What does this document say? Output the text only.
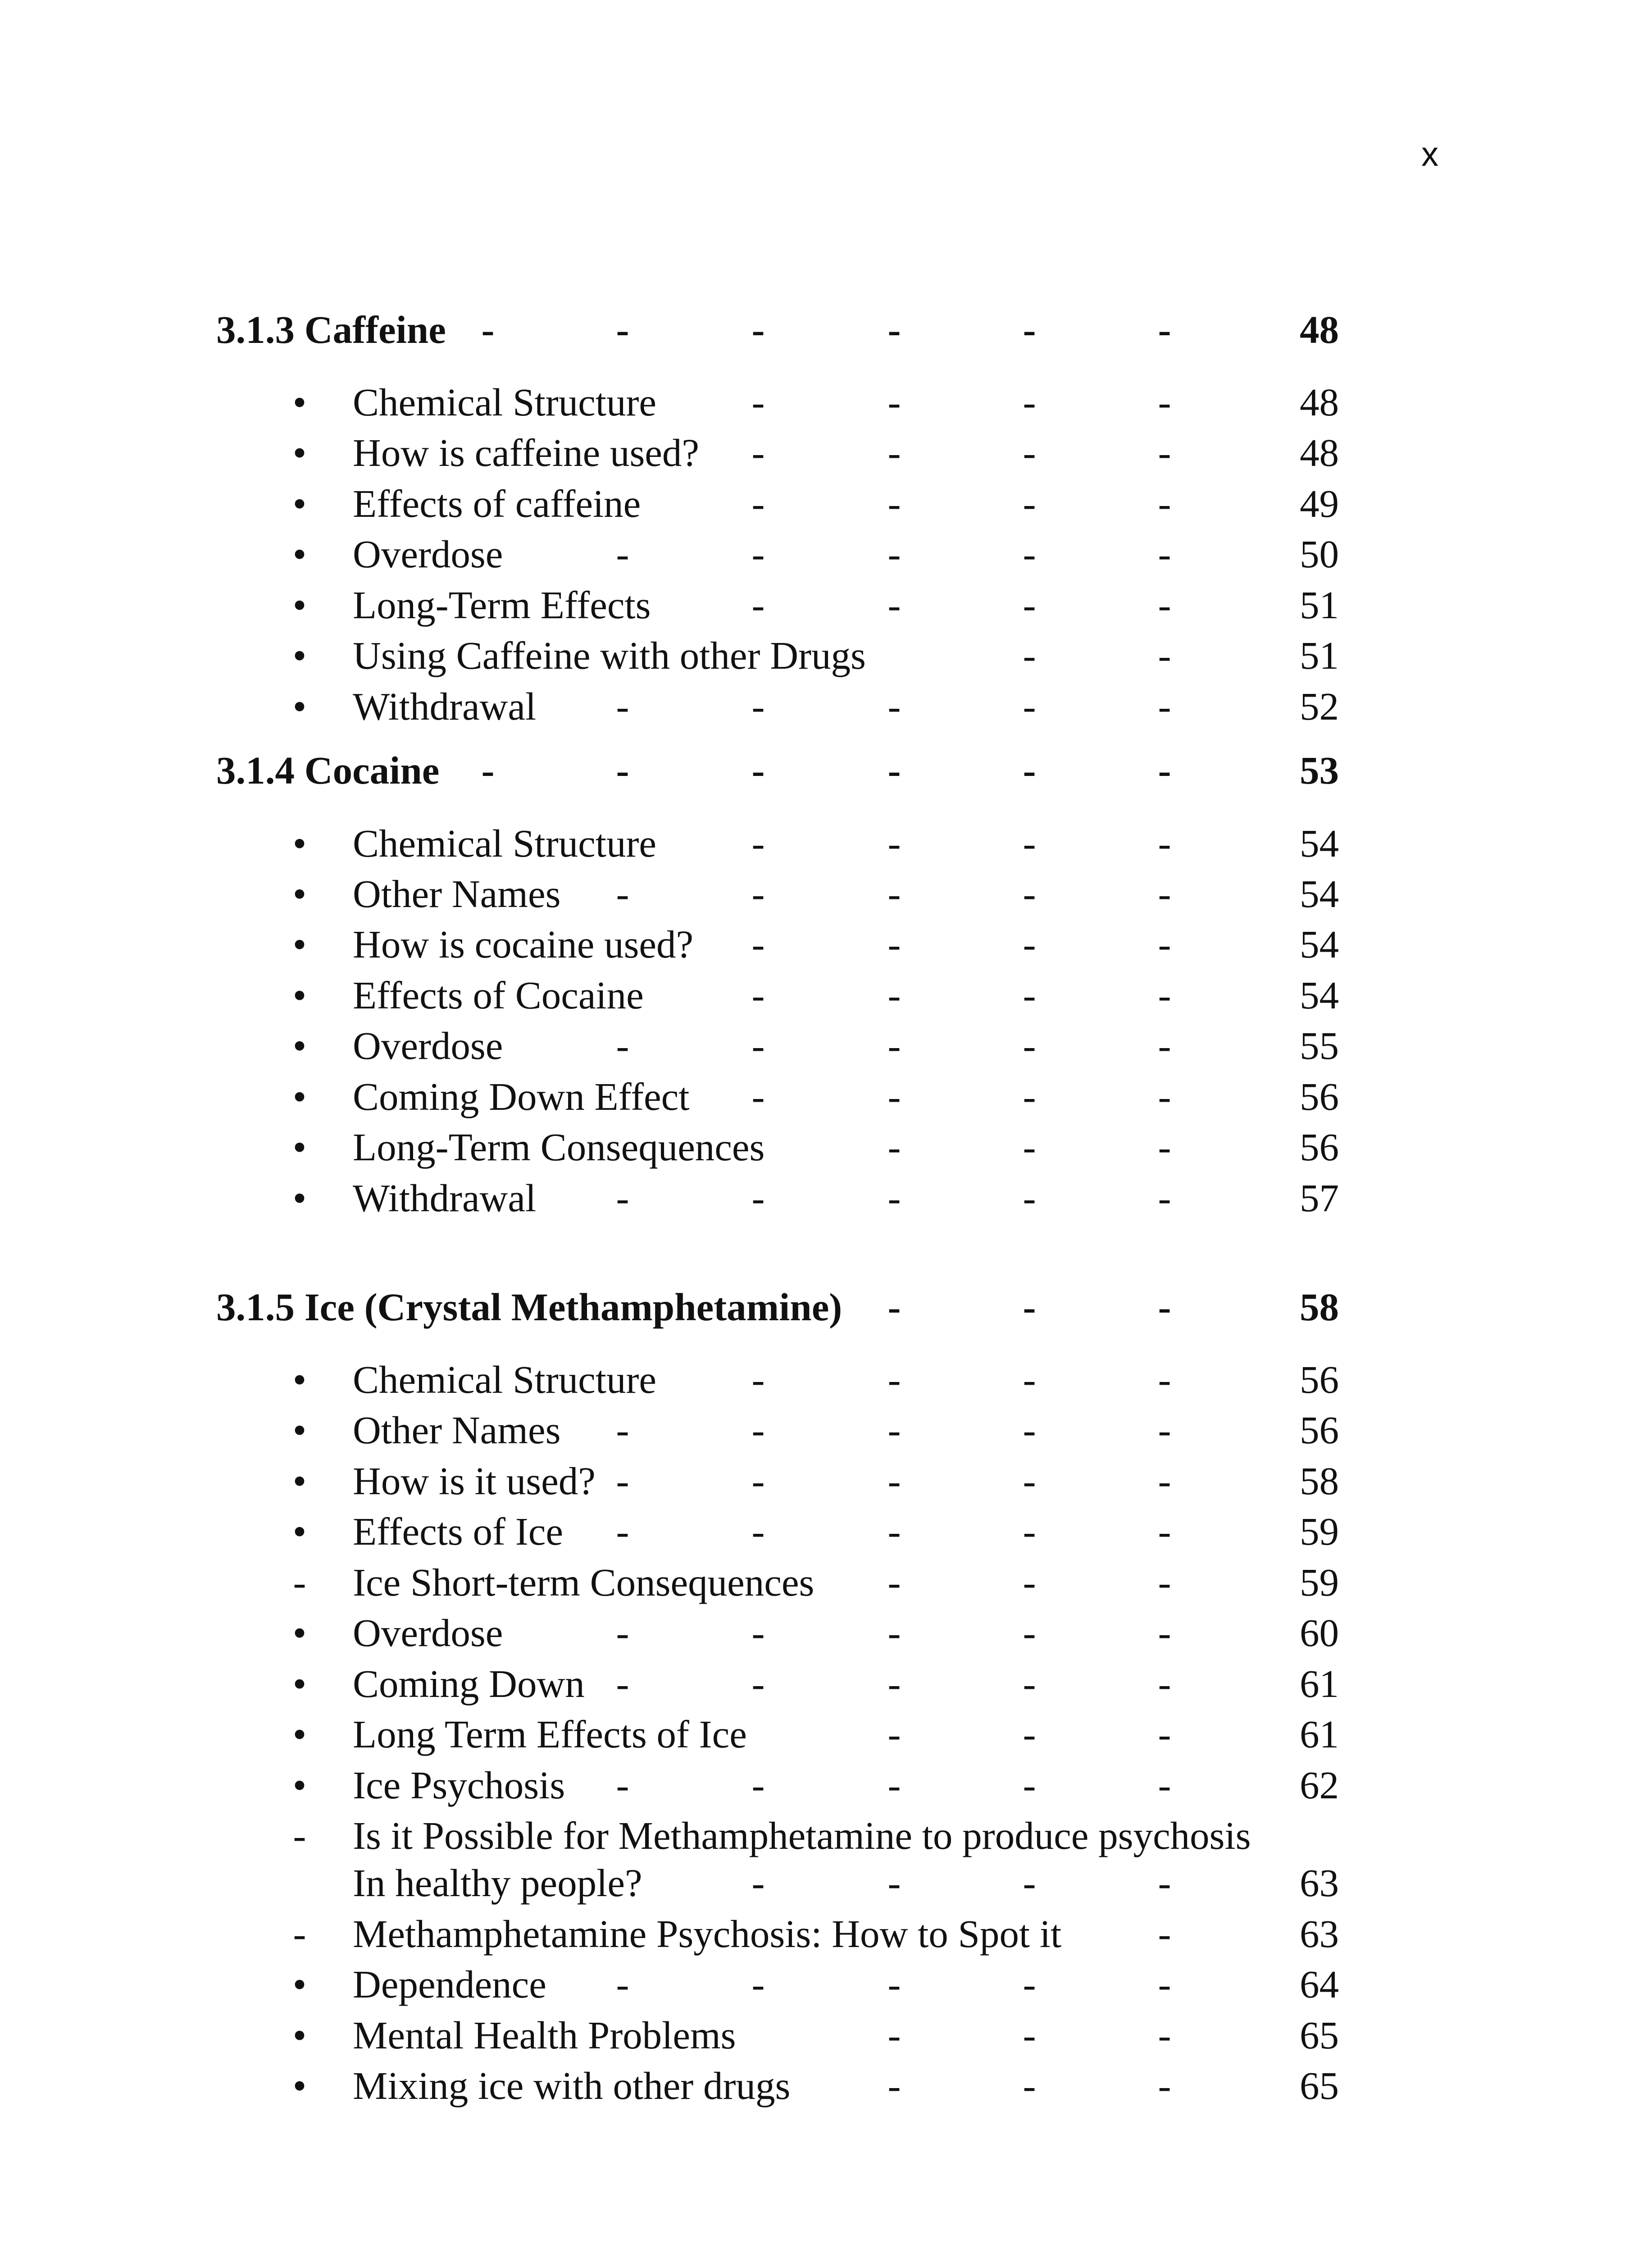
x
3.1.3 Caffeine -	-	-	-	-	-	48
• Chemical Structure -	-	-	-	48
• How is caffeine used? -	-	-	-	48
• Effects of caffeine	-	-	-	-	49
• Overdose	-	-	-	-	-	50
• Long-Term Effects	-	-	-	-	51
• Using Caffeine with other Drugs	-	-	51
• Withdrawal -	-	-	-	-	52
3.1.4 Cocaine -	-	-	-	-	-	53
• Chemical Structure -	-	-	-	54
• Other Names -	-	-	-	-	54
• How is cocaine used? -	-	-	-	54
• Effects of Cocaine	-	-	-	-	54
• Overdose	-	-	-	-	-	55
• Coming Down Effect -	-	-	-	56
• Long-Term Consequences	-	-	-	56
• Withdrawal -	-	-	-	-	57
3.1.5 Ice (Crystal Methamphetamine) -	-	-	58
• Chemical Structure -	-	-	-	56
• Other Names -	-	-	-	-	56
• How is it used? -	-	-	-	-	58
• Effects of Ice -	-	-	-	-	59
- Ice Short-term Consequences -	-	-	59
• Overdose	-	-	-	-	-	60
• Coming Down -	-	-	-	-	61
• Long Term Effects of Ice	-	-	-	61
• Ice Psychosis -	-	-	-	-	62
- Is it Possible for Methamphetamine to produce psychosis
In healthy people?	-	-	-	-	63
- Methamphetamine Psychosis: How to Spot it -	63
• Dependence -	-	-	-	-	64
• Mental Health Problems	-	-	-	65
• Mixing ice with other drugs -	-	-	65
